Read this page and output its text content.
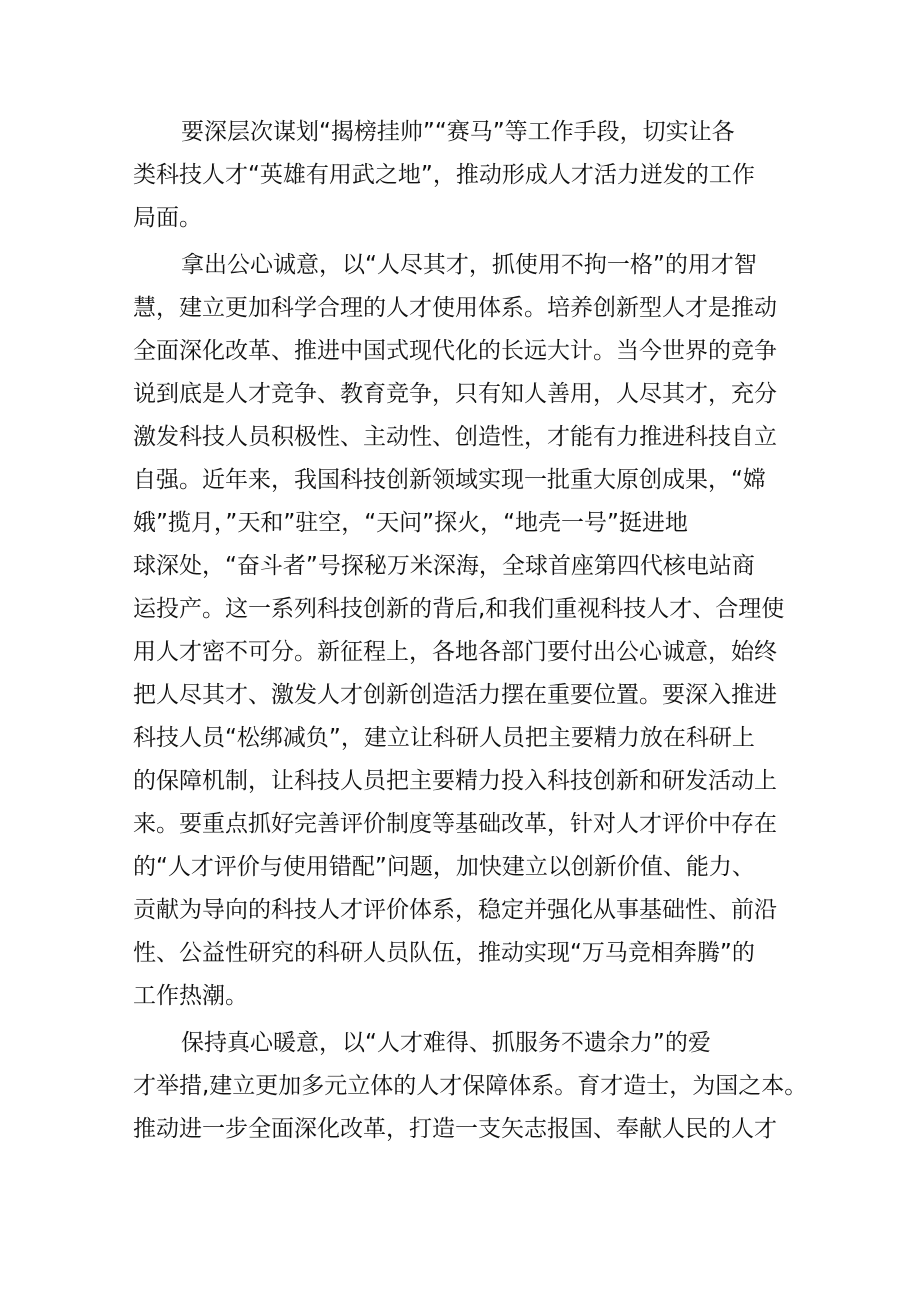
要深层次谋划“揭榜挂帅”“赛马”等工作手段，切实让各
类科技人才“英雄有用武之地”，推动形成人才活力迸发的工作
局面。
拿出公心诚意，以“人尽其才，抓使用不拘一格”的用才智
慧，建立更加科学合理的人才使用体系。培养创新型人才是推动
全面深化改革、推进中国式现代化的长远大计。当今世界的竞争
说到底是人才竞争、教育竞争，只有知人善用，人尽其才，充分
激发科技人员积极性、主动性、创造性，才能有力推进科技自立
自强。近年来，我国科技创新领域实现一批重大原创成果，“嫦
娥”揽月，”天和”驻空，“天问”探火，“地壳一号”挺进地
球深处，“奋斗者”号探秘万米深海，全球首座第四代核电站商
运投产。这一系列科技创新的背后,和我们重视科技人才、合理使
用人才密不可分。新征程上，各地各部门要付出公心诚意，始终
把人尽其才、激发人才创新创造活力摆在重要位置。要深入推进
科技人员“松绑减负”，建立让科研人员把主要精力放在科研上
的保障机制，让科技人员把主要精力投入科技创新和研发活动上
来。要重点抓好完善评价制度等基础改革，针对人才评价中存在
的“人才评价与使用错配”问题，加快建立以创新价值、能力、
贡献为导向的科技人才评价体系，稳定并强化从事基础性、前沿
性、公益性研究的科研人员队伍，推动实现“万马竞相奔腾”的
工作热潮。
保持真心暖意，以“人才难得、抓服务不遗余力”的爱
才举措,建立更加多元立体的人才保障体系。育才造士，为国之本。
推动进一步全面深化改革，打造一支矢志报国、奉献人民的人才
